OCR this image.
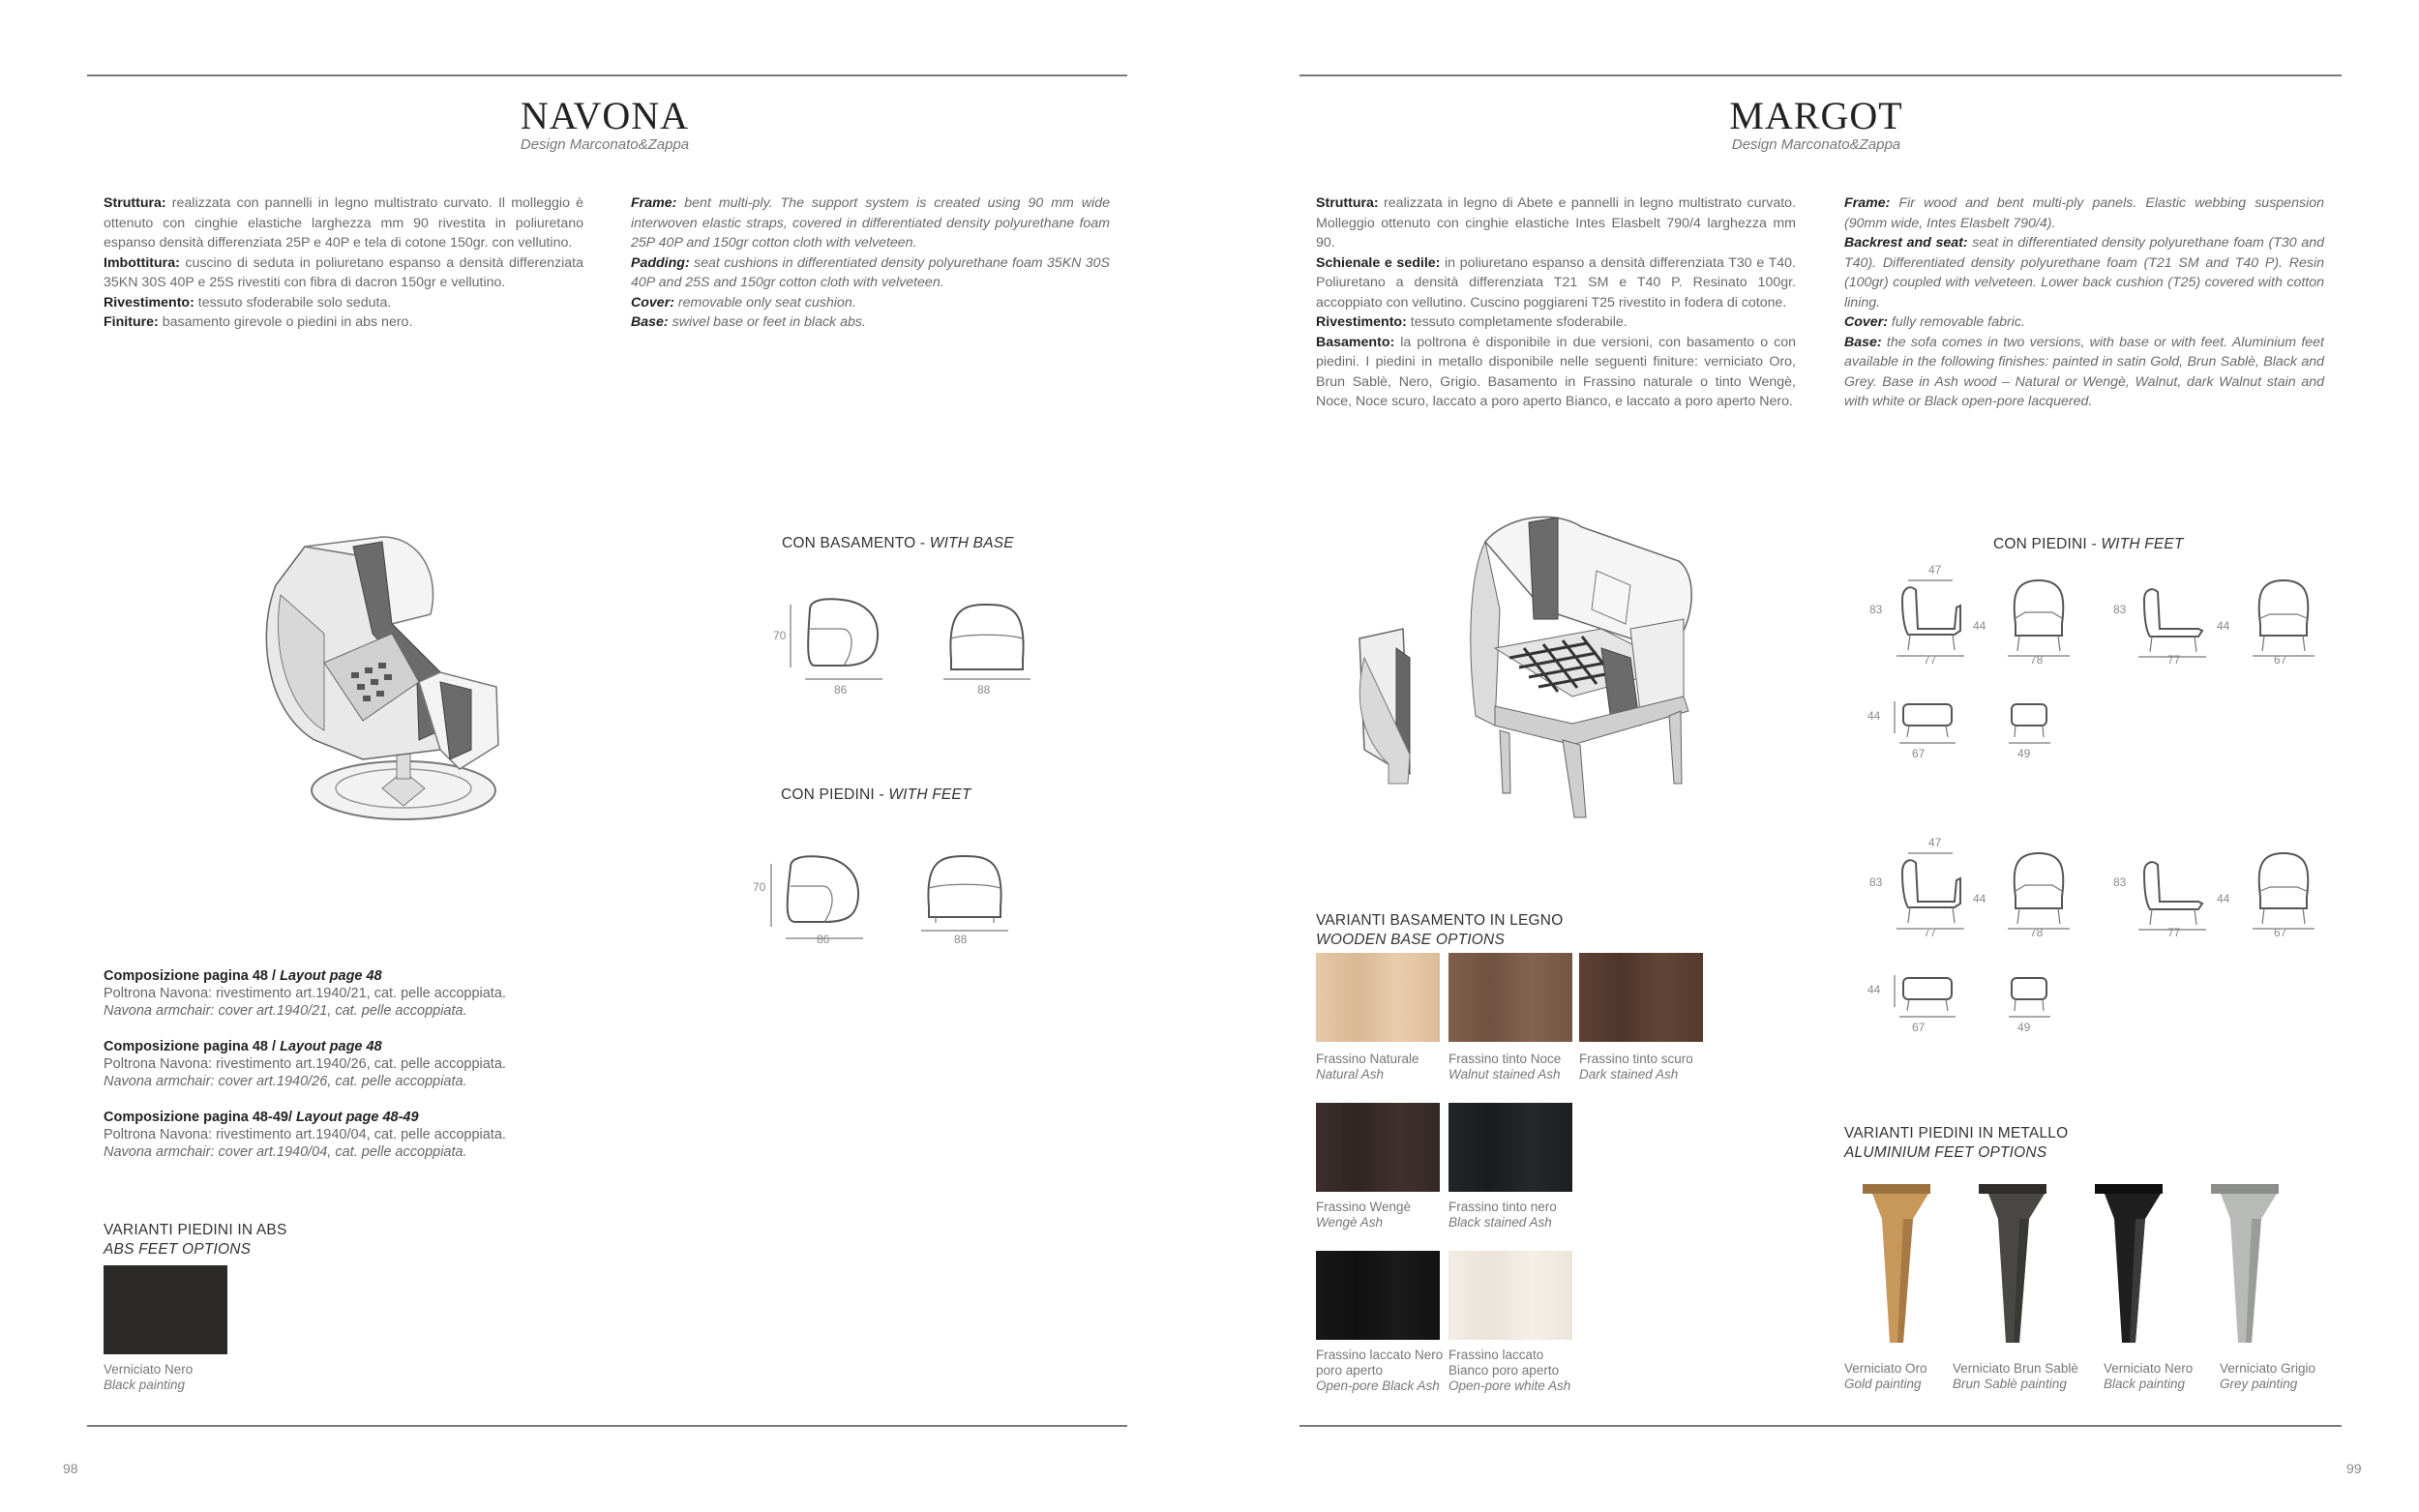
NAVONA
Design Marconato&Zappa

Struttura: realizzata con pannelli in legno multistrato curvato. Il molleggio è ottenuto con cinghie elastiche larghezza mm 90 rivestita in poliuretano espanso densità differenziata 25P e 40P e tela di cotone 150gr. con vellutino.

Imbottitura: cuscino di seduta in poliuretano espanso a densità differenziata 35KN 30S 40P e 25S rivestiti con fibra di dacron 150gr e vellutino.

Rivestimento: tessuto sfoderabile solo seduta.

Finiture: basamento girevole o piedini in abs nero.

Frame: bent multi-ply. The support system is created using 90 mm wide interwoven elastic straps, covered in differentiated density polyurethane foam 25P 40P and 150gr cotton cloth with velveteen.

Padding: seat cushions in differentiated density polyurethane foam 35KN 30S 40P and 25S and 150gr cotton cloth with velveteen.

Cover: removable only seat cushion.

Base: swivel base or feet in black abs.

CON BASAMENTO - WITH BASE
70
86	88
CON PIEDINI - WITH FEET
70
86	88
Composizione pagina 48 / Layout page 48
Poltrona Navona: rivestimento art.1940/21, cat. pelle accoppiata.
Navona armchair: cover art.1940/21, cat. pelle accoppiata.
Composizione pagina 48 / Layout page 48
Poltrona Navona: rivestimento art.1940/26, cat. pelle accoppiata.
Navona armchair: cover art.1940/26, cat. pelle accoppiata.
Composizione pagina 48-49/ Layout page 48-49
Poltrona Navona: rivestimento art.1940/04, cat. pelle accoppiata.
Navona armchair: cover art.1940/04, cat. pelle accoppiata.
VARIANTI PIEDINI IN ABS
ABS FEET OPTIONS
Verniciato Nero
Black painting
98
MARGOT
Design Marconato&Zappa

Struttura: realizzata in legno di Abete e pannelli in legno multistrato curvato. Molleggio ottenuto con cinghie elastiche Intes Elasbelt 790/4 larghezza mm 90.

Schienale e sedile: in poliuretano espanso a densità differenziata T30 e T40. Poliuretano a densità differenziata T21 SM e T40 P. Resinato 100gr. accoppiato con vellutino. Cuscino poggiareni T25 rivestito in fodera di cotone.

Rivestimento: tessuto completamente sfoderabile.

Basamento: la poltrona è disponibile in due versioni, con basamento o con piedini. I piedini in metallo disponibile nelle seguenti finiture: verniciato Oro, Brun Sablè, Nero, Grigio. Basamento in Frassino naturale o tinto Wengè, Noce, Noce scuro, laccato a poro aperto Bianco, e laccato a poro aperto Nero.

Frame: Fir wood and bent multi-ply panels. Elastic webbing suspension (90mm wide, Intes Elasbelt 790/4).

Backrest and seat: seat in differentiated density polyurethane foam (T30 and T40). Differentiated density polyurethane foam (T21 SM and T40 P). Resin (100gr) coupled with velveteen. Lower back cushion (T25) covered with cotton lining.

Cover: fully removable fabric.

Base: the sofa comes in two versions, with base or with feet. Aluminium feet available in the following finishes: painted in satin Gold, Brun Sablè, Black and Grey. Base in Ash wood – Natural or Wengè, Walnut, dark Walnut stain and with white or Black open-pore lacquered.

CON PIEDINI - WITH FEET
47
83
44
77	78
83
44
77	67
44
67	49
47
83
44
77	78
83
44
77	67
44
67	49
VARIANTI BASAMENTO IN LEGNO
WOODEN BASE OPTIONS
Frassino Naturale
Natural Ash
Frassino tinto Noce
Walnut stained Ash
Frassino tinto scuro
Dark stained Ash
Frassino Wengè
Wengè Ash
Frassino tinto nero
Black stained Ash
Frassino laccato Nero poro aperto
Open-pore Black Ash
Frassino laccato Bianco poro aperto
Open-pore white Ash
VARIANTI PIEDINI IN METALLO
ALUMINIUM FEET OPTIONS
Verniciato Oro
Gold painting
Verniciato Brun Sablè
Brun Sablè painting
Verniciato Nero
Black painting
Verniciato Grigio
Grey painting
99
